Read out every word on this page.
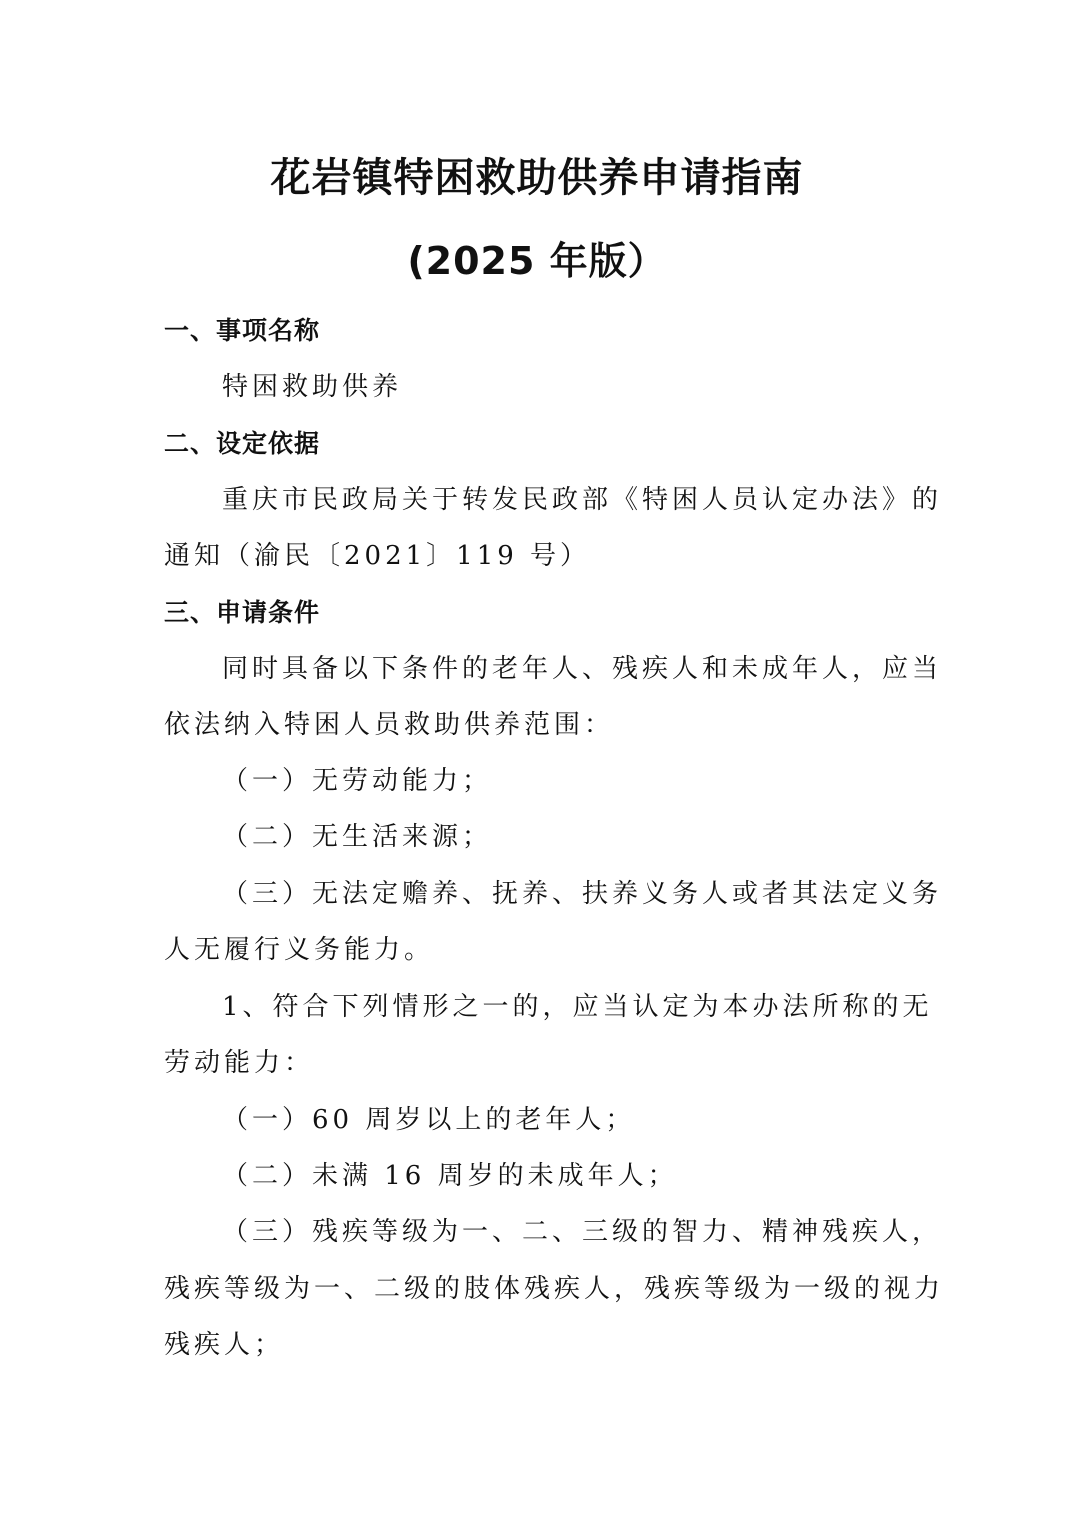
花岩镇特困救助供养申请指南
(2025 年版）
一、事项名称
特困救助供养
二、设定依据
重庆市民政局关于转发民政部《特困人员认定办法》的
通知（渝民〔2021〕119 号）
三、申请条件
同时具备以下条件的老年人、残疾人和未成年人，应当
依法纳入特困人员救助供养范围：
（一）无劳动能力；
（二）无生活来源；
（三）无法定赡养、抚养、扶养义务人或者其法定义务
人无履行义务能力。
1、符合下列情形之一的，应当认定为本办法所称的无
劳动能力：
（一）60 周岁以上的老年人；
（二）未满 16 周岁的未成年人；
（三）残疾等级为一、二、三级的智力、精神残疾人，
残疾等级为一、二级的肢体残疾人，残疾等级为一级的视力
残疾人；
